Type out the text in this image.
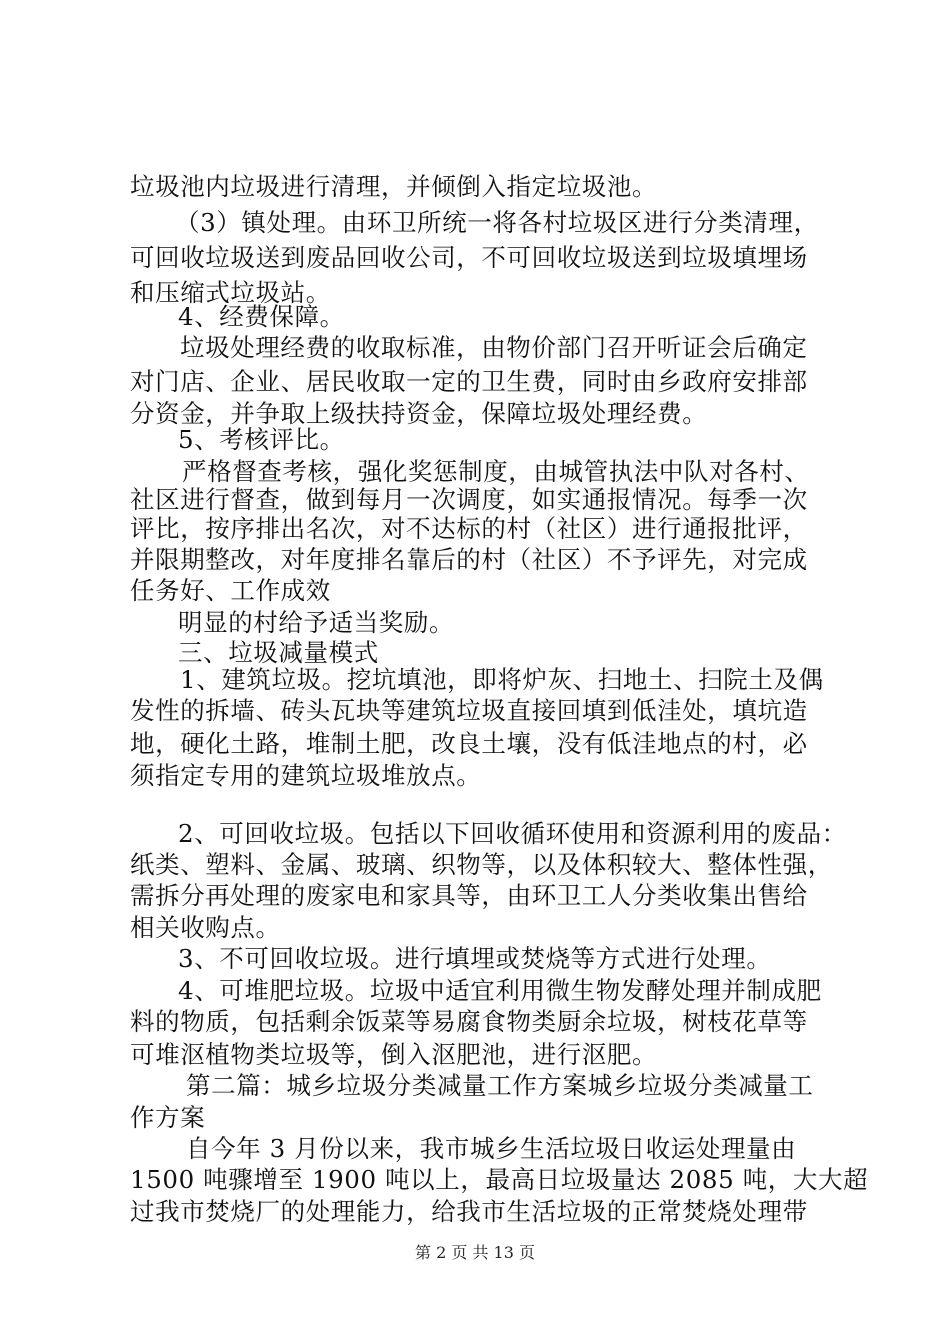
垃圾池内垃圾进行清理，并倾倒入指定垃圾池。
（3）镇处理。由环卫所统一将各村垃圾区进行分类清理，
可回收垃圾送到废品回收公司，不可回收垃圾送到垃圾填埋场
和压缩式垃圾站。
4、经费保障。
垃圾处理经费的收取标准，由物价部门召开听证会后确定
对门店、企业、居民收取一定的卫生费，同时由乡政府安排部
分资金，并争取上级扶持资金，保障垃圾处理经费。
5、考核评比。
严格督查考核，强化奖惩制度，由城管执法中队对各村、
社区进行督查，做到每月一次调度，如实通报情况。每季一次
评比，按序排出名次，对不达标的村（社区）进行通报批评，
并限期整改，对年度排名靠后的村（社区）不予评先，对完成
任务好、工作成效
明显的村给予适当奖励。
三、垃圾减量模式
1、建筑垃圾。挖坑填池，即将炉灰、扫地土、扫院土及偶
发性的拆墙、砖头瓦块等建筑垃圾直接回填到低洼处，填坑造
地，硬化土路，堆制土肥，改良土壤，没有低洼地点的村，必
须指定专用的建筑垃圾堆放点。
2、可回收垃圾。包括以下回收循环使用和资源利用的废品：
纸类、塑料、金属、玻璃、织物等，以及体积较大、整体性强，
需拆分再处理的废家电和家具等，由环卫工人分类收集出售给
相关收购点。
3、不可回收垃圾。进行填埋或焚烧等方式进行处理。
4、可堆肥垃圾。垃圾中适宜利用微生物发酵处理并制成肥
料的物质，包括剩余饭菜等易腐食物类厨余垃圾，树枝花草等
可堆沤植物类垃圾等，倒入沤肥池，进行沤肥。
第二篇：城乡垃圾分类减量工作方案城乡垃圾分类减量工
作方案
自今年 3 月份以来，我市城乡生活垃圾日收运处理量由
1500 吨骤增至 1900 吨以上，最高日垃圾量达 2085 吨，大大超
过我市焚烧厂的处理能力，给我市生活垃圾的正常焚烧处理带
第 2 页 共 13 页
